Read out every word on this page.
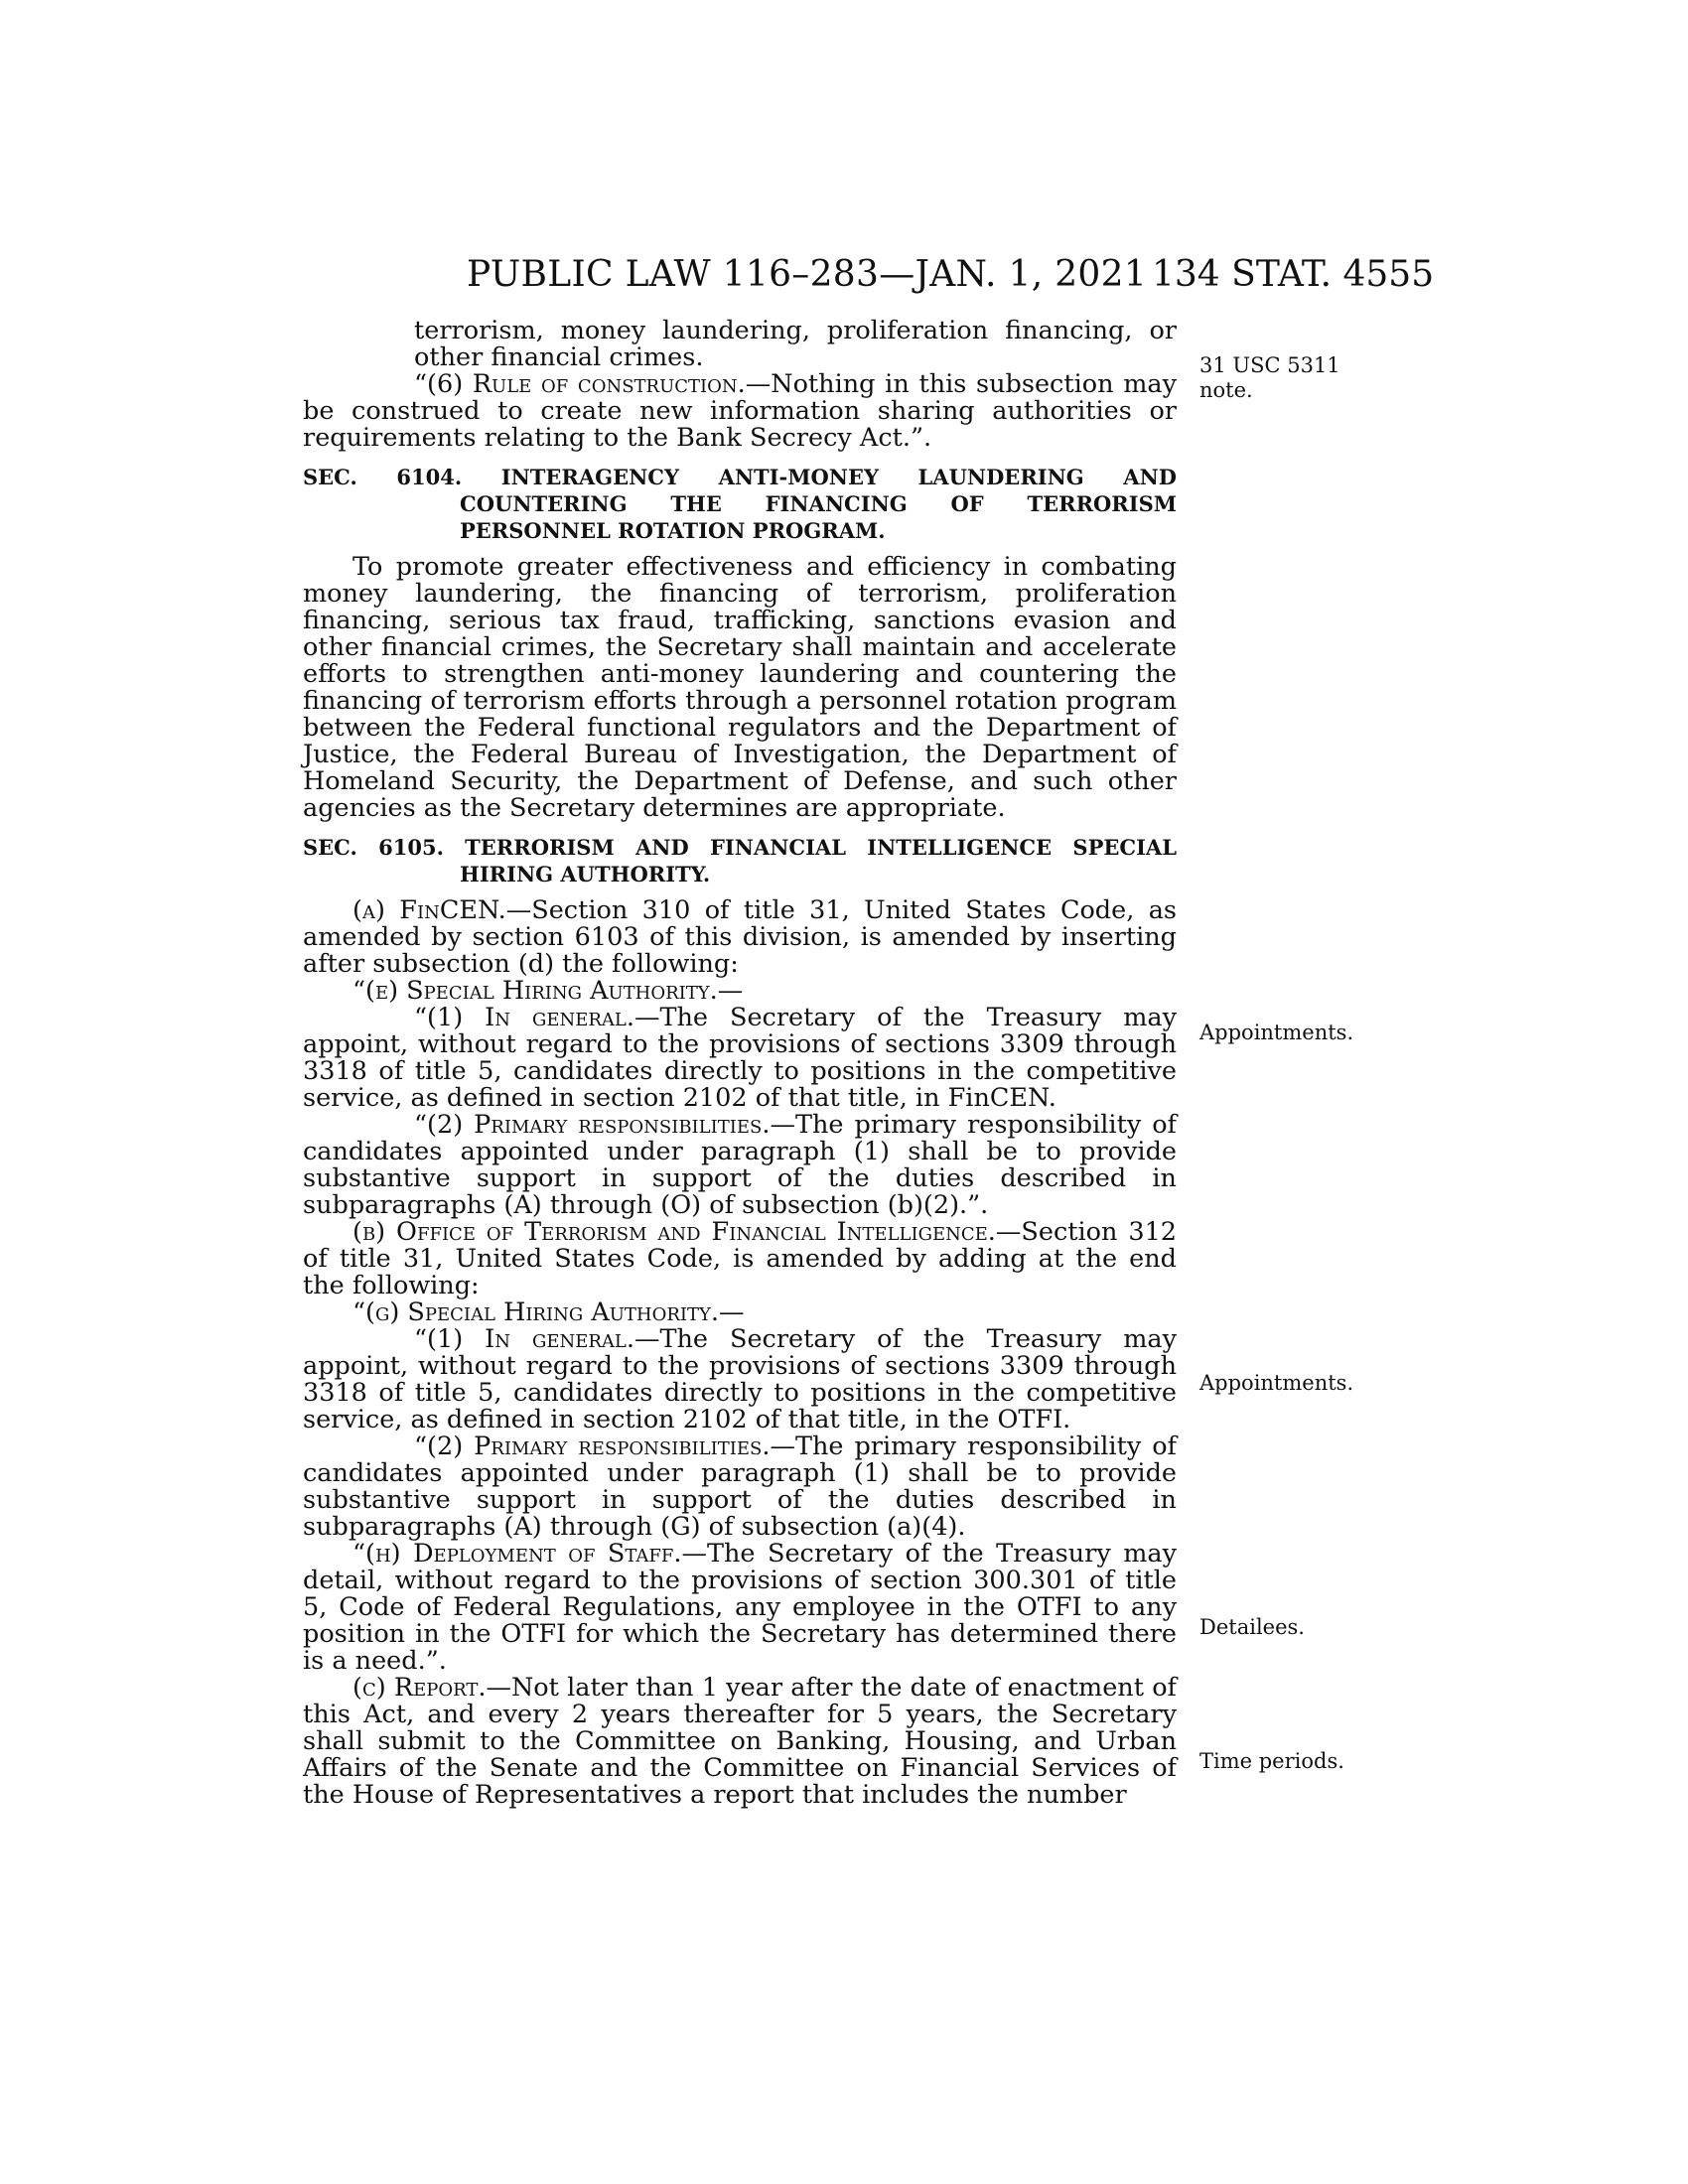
PUBLIC LAW 116–283—JAN. 1, 2021 134 STAT. 4555

terrorism, money laundering, proliferation financing, or other financial crimes.

“(6) Rule of construction.—Nothing in this subsection may be construed to create new information sharing authorities or requirements relating to the Bank Secrecy Act.”.

SEC. 6104. INTERAGENCY ANTI-MONEY LAUNDERING AND COUNTERING THE FINANCING OF TERRORISM PERSONNEL ROTATION PROGRAM.

To promote greater effectiveness and efficiency in combating money laundering, the financing of terrorism, proliferation financing, serious tax fraud, trafficking, sanctions evasion and other financial crimes, the Secretary shall maintain and accelerate efforts to strengthen anti-money laundering and countering the financing of terrorism efforts through a personnel rotation program between the Federal functional regulators and the Department of Justice, the Federal Bureau of Investigation, the Department of Homeland Security, the Department of Defense, and such other agencies as the Secretary determines are appropriate.

SEC. 6105. TERRORISM AND FINANCIAL INTELLIGENCE SPECIAL HIRING AUTHORITY.

(a) FinCEN.—Section 310 of title 31, United States Code, as amended by section 6103 of this division, is amended by inserting after subsection (d) the following:

“(e) Special Hiring Authority.—

“(1) In general.—The Secretary of the Treasury may appoint, without regard to the provisions of sections 3309 through 3318 of title 5, candidates directly to positions in the competitive service, as defined in section 2102 of that title, in FinCEN.

“(2) Primary responsibilities.—The primary responsibility of candidates appointed under paragraph (1) shall be to provide substantive support in support of the duties described in subparagraphs (A) through (O) of subsection (b)(2).”.

(b) Office of Terrorism and Financial Intelligence.—Section 312 of title 31, United States Code, is amended by adding at the end the following:

“(g) Special Hiring Authority.—

“(1) In general.—The Secretary of the Treasury may appoint, without regard to the provisions of sections 3309 through 3318 of title 5, candidates directly to positions in the competitive service, as defined in section 2102 of that title, in the OTFI.

“(2) Primary responsibilities.—The primary responsibility of candidates appointed under paragraph (1) shall be to provide substantive support in support of the duties described in subparagraphs (A) through (G) of subsection (a)(4).

“(h) Deployment of Staff.—The Secretary of the Treasury may detail, without regard to the provisions of section 300.301 of title 5, Code of Federal Regulations, any employee in the OTFI to any position in the OTFI for which the Secretary has determined there is a need.”.

(c) Report.—Not later than 1 year after the date of enactment of this Act, and every 2 years thereafter for 5 years, the Secretary shall submit to the Committee on Banking, Housing, and Urban Affairs of the Senate and the Committee on Financial Services of the House of Representatives a report that includes the number

31 USC 5311
note.
Appointments.
Appointments.
Detailees.
Time periods.
